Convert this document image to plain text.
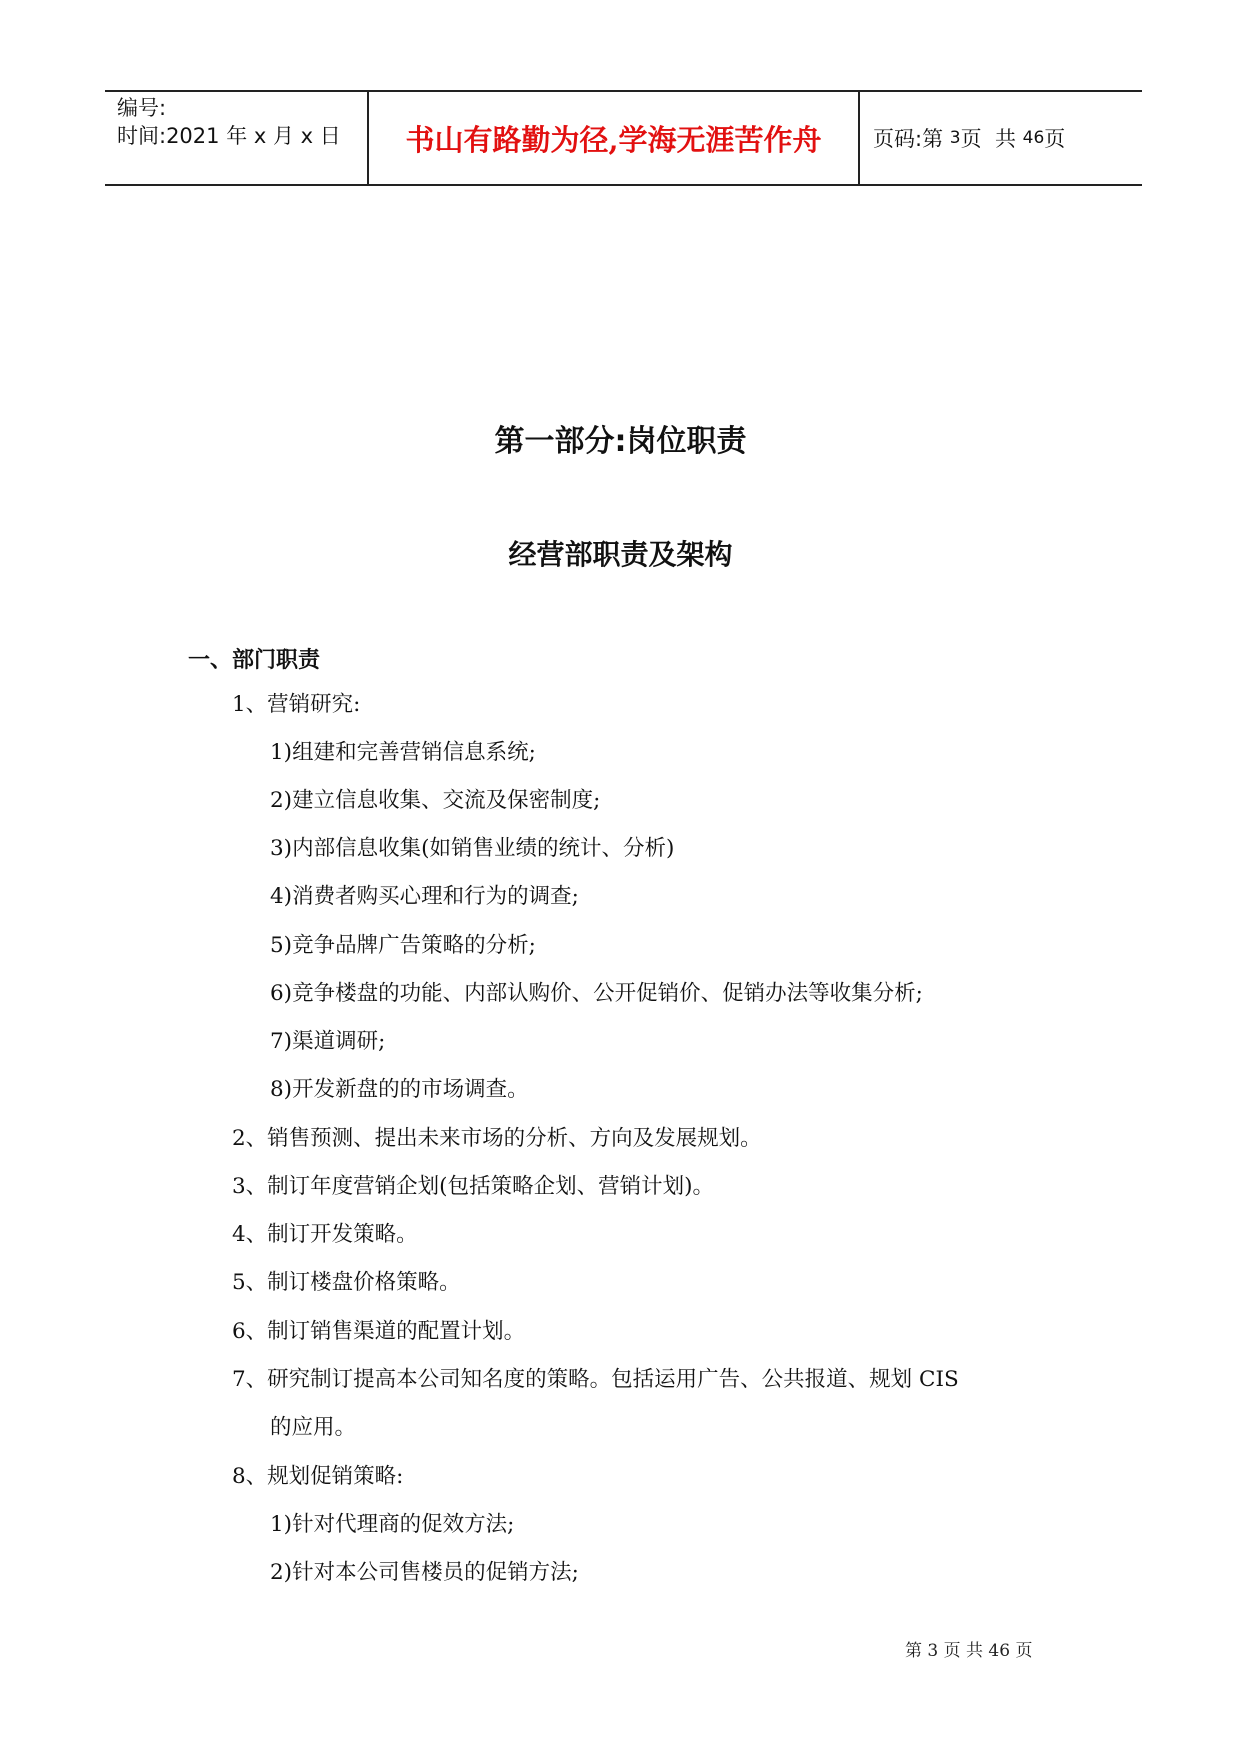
编号:
时间:2021 年 x 月 x 日	书山有路勤为径,学海无涯苦作舟	页码:第 3 页  共 46 页
第一部分:岗位职责
经营部职责及架构
一、部门职责
1、营销研究:
1)组建和完善营销信息系统;
2)建立信息收集、交流及保密制度;
3)内部信息收集(如销售业绩的统计、分析)
4)消费者购买心理和行为的调查;
5)竞争品牌广告策略的分析;
6)竞争楼盘的功能、内部认购价、公开促销价、促销办法等收集分析;
7)渠道调研;
8)开发新盘的的市场调查。
2、销售预测、提出未来市场的分析、方向及发展规划。
3、制订年度营销企划(包括策略企划、营销计划)。
4、制订开发策略。
5、制订楼盘价格策略。
6、制订销售渠道的配置计划。
7、研究制订提高本公司知名度的策略。包括运用广告、公共报道、规划 CIS
的应用。
8、规划促销策略:
1)针对代理商的促效方法;
2)针对本公司售楼员的促销方法;
第 3 页 共 46 页
